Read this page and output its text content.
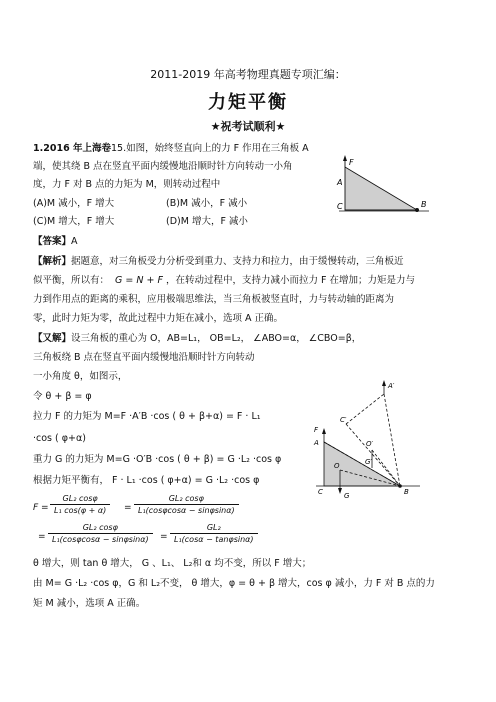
2011-2019 年高考物理真题专项汇编：
力矩平衡
★祝考试顺利★
1.2016 年上海卷15.如图，始终竖直向上的力 F 作用在三角板 A
端，使其绕 B 点在竖直平面内缓慢地沿顺时针方向转动一小角
度，力 F 对 B 点的力矩为 M，则转动过程中
(A)M 减小，F 增大	(B)M 减小，F 减小
(C)M 增大，F 增大	(D)M 增大，F 减小
F
A
C	B
【答案】A
【解析】据题意，对三角板受力分析受到重力、支持力和拉力，由于缓慢转动，三角板近
似平衡，所以有： G = N + F ，在转动过程中，支持力减小而拉力 F 在增加；力矩是力与
力到作用点的距离的乘积，应用极端思维法，当三角板被竖直时，力与转动轴的距离为
零，此时力矩为零，故此过程中力矩在减小，选项 A 正确。
【又解】设三角板的重心为 O，AB=L₁， OB=L₂， ∠ABO=α， ∠CBO=β，
三角板绕 B 点在竖直平面内缓慢地沿顺时针方向转动
一小角度 θ，如图示，
令 θ + β = φ
拉力 F 的力矩为 M=F ·A′B ·cos ( θ + β+α) = F · L₁
·cos ( φ+α)
重力 G 的力矩为 M=G ·O′B ·cos ( θ + β) = G ·L₂ ·cos φ
根据力矩平衡有， F · L₁ ·cos ( φ+α) = G ·L₂ ·cos φ
$F = \frac{\text{GL₂ cosφ}}{\text{L₁ cos(φ + α)}} = \frac{\text{GL₂ cosφ}}{\text{L₁(cosφcosα − sinφsinα)}}$
= $\frac{\text{GL₂ cosφ}}{\text{L₁(cosφcosα − sinφsinα)}} = \frac{\text{GL₂}}{\text{L₁(cosα − tanφsinα)}}$
θ 增大，则 tan θ 增大， G 、L₁、 L₂和 α 均不变，所以 F 增大；
由 M= G ·L₂ ·cos φ，G 和 L₂不变， θ 增大，φ = θ + β 增大，cos φ 减小，力 F 对 B 点的力
矩 M 减小，选项 A 正确。
A′
C′
O′
G′
F
A
O
C	G	B
